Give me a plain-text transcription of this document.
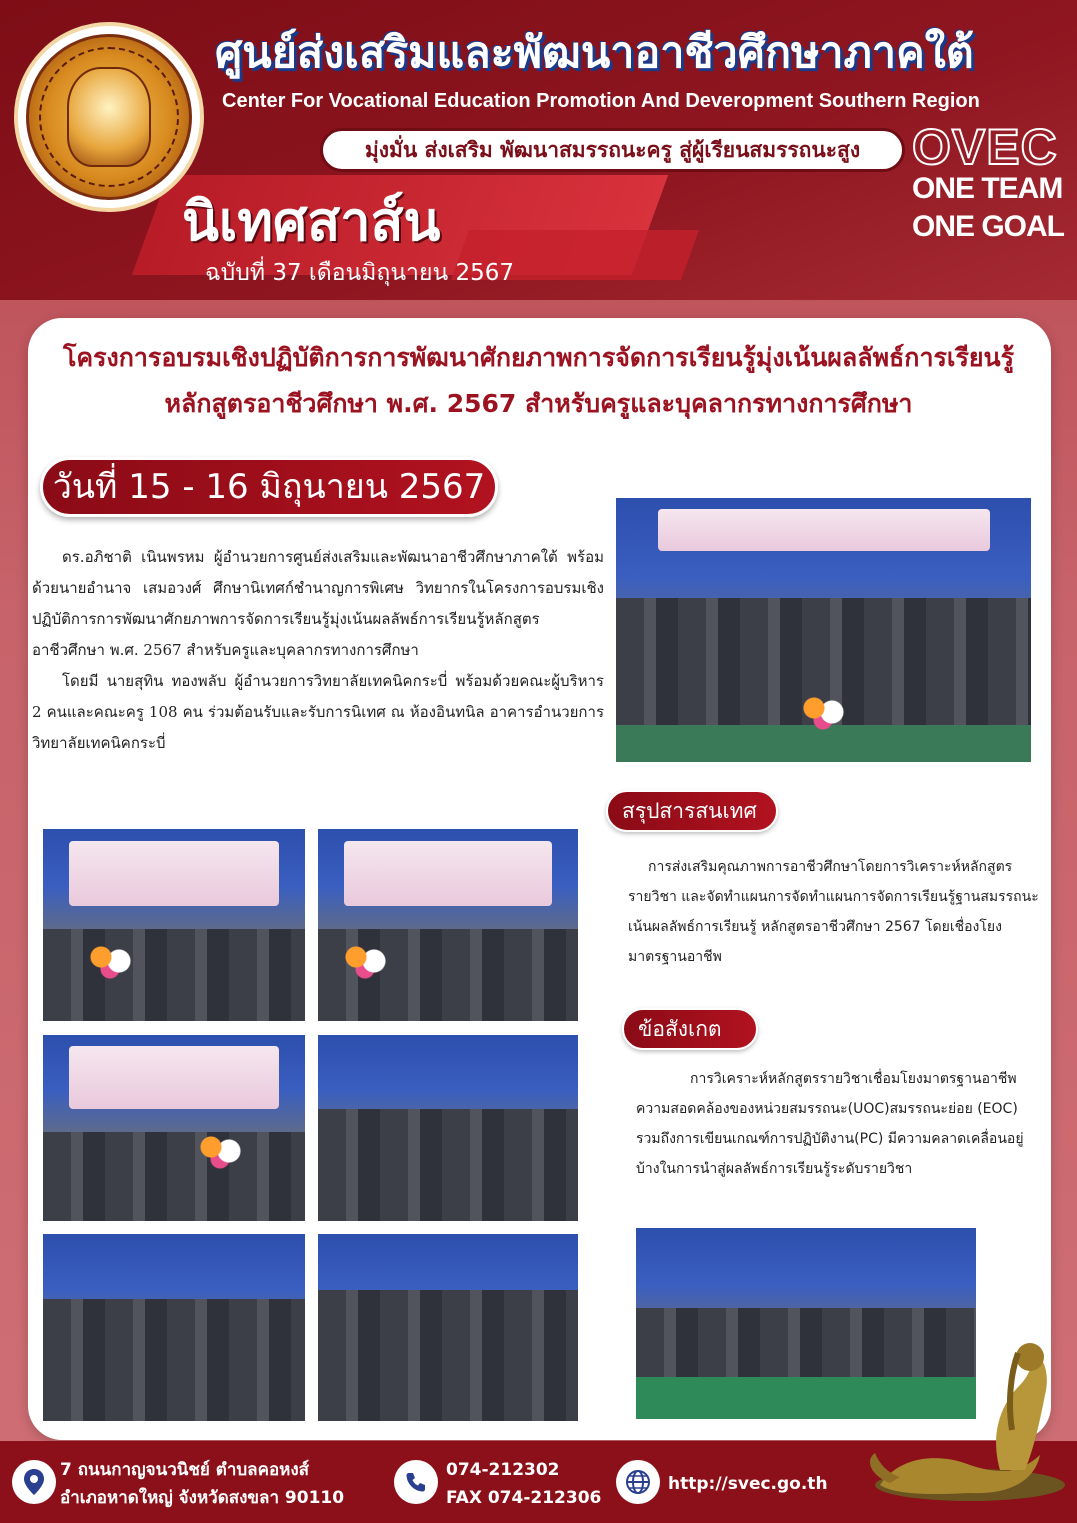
ศูนย์ส่งเสริมและพัฒนาอาชีวศึกษาภาคใต้
Center For Vocational Education Promotion And Deveropment Southern Region
มุ่งมั่น ส่งเสริม พัฒนาสมรรถนะครู สู่ผู้เรียนสมรรถนะสูง	OVEC
ONE TEAM
ONE GOAL
นิเทศสาส์น
ฉบับที่ 37 เดือนมิถุนายน 2567
โครงการอบรมเชิงปฏิบัติการการพัฒนาศักยภาพการจัดการเรียนรู้มุ่งเน้นผลลัพธ์การเรียนรู้
หลักสูตรอาชีวศึกษา พ.ศ. 2567 สำหรับครูและบุคลากรทางการศึกษา
วันที่ 15 - 16 มิถุนายน 2567

ดร.อภิชาติ เนินพรหม ผู้อำนวยการศูนย์ส่งเสริมและพัฒนาอาชีวศึกษาภาคใต้ พร้อมด้วยนายอำนาจ เสมอวงศ์ ศึกษานิเทศก์ชำนาญการพิเศษ วิทยากรในโครงการอบรมเชิงปฏิบัติการการพัฒนาศักยภาพการจัดการเรียนรู้มุ่งเน้นผลลัพธ์การเรียนรู้หลักสูตรอาชีวศึกษา พ.ศ. 2567 สำหรับครูและบุคลากรทางการศึกษา

โดยมี นายสุทิน ทองพลับ ผู้อำนวยการวิทยาลัยเทคนิคกระบี่ พร้อมด้วยคณะผู้บริหาร 2 คนและคณะครู 108 คน ร่วมต้อนรับและรับการนิเทศ ณ ห้องอินทนิล อาคารอำนวยการ วิทยาลัยเทคนิคกระบี่

สรุปสารสนเทศ
การส่งเสริมคุณภาพการอาชีวศึกษาโดยการวิเคราะห์หลักสูตรรายวิชา และจัดทำแผนการจัดทำแผนการจัดการเรียนรู้ฐานสมรรถนะเน้นผลลัพธ์การเรียนรู้ หลักสูตรอาชีวศึกษา 2567 โดยเชื่องโยงมาตรฐานอาชีพ
ข้อสังเกต
การวิเคราะห์หลักสูตรรายวิชาเชื่อมโยงมาตรฐานอาชีพ ความสอดคล้องของหน่วยสมรรถนะ(UOC)สมรรถนะย่อย (EOC) รวมถึงการเขียนเกณฑ์การปฏิบัติงาน(PC) มีความคลาดเคลื่อนอยู่บ้างในการนำสู่ผลลัพธ์การเรียนรู้ระดับรายวิชา
7 ถนนกาญจนวนิชย์ ตำบลคอหงส์
อำเภอหาดใหญ่ จังหวัดสงขลา 90110
074-212302
FAX 074-212306
http://svec.go.th
